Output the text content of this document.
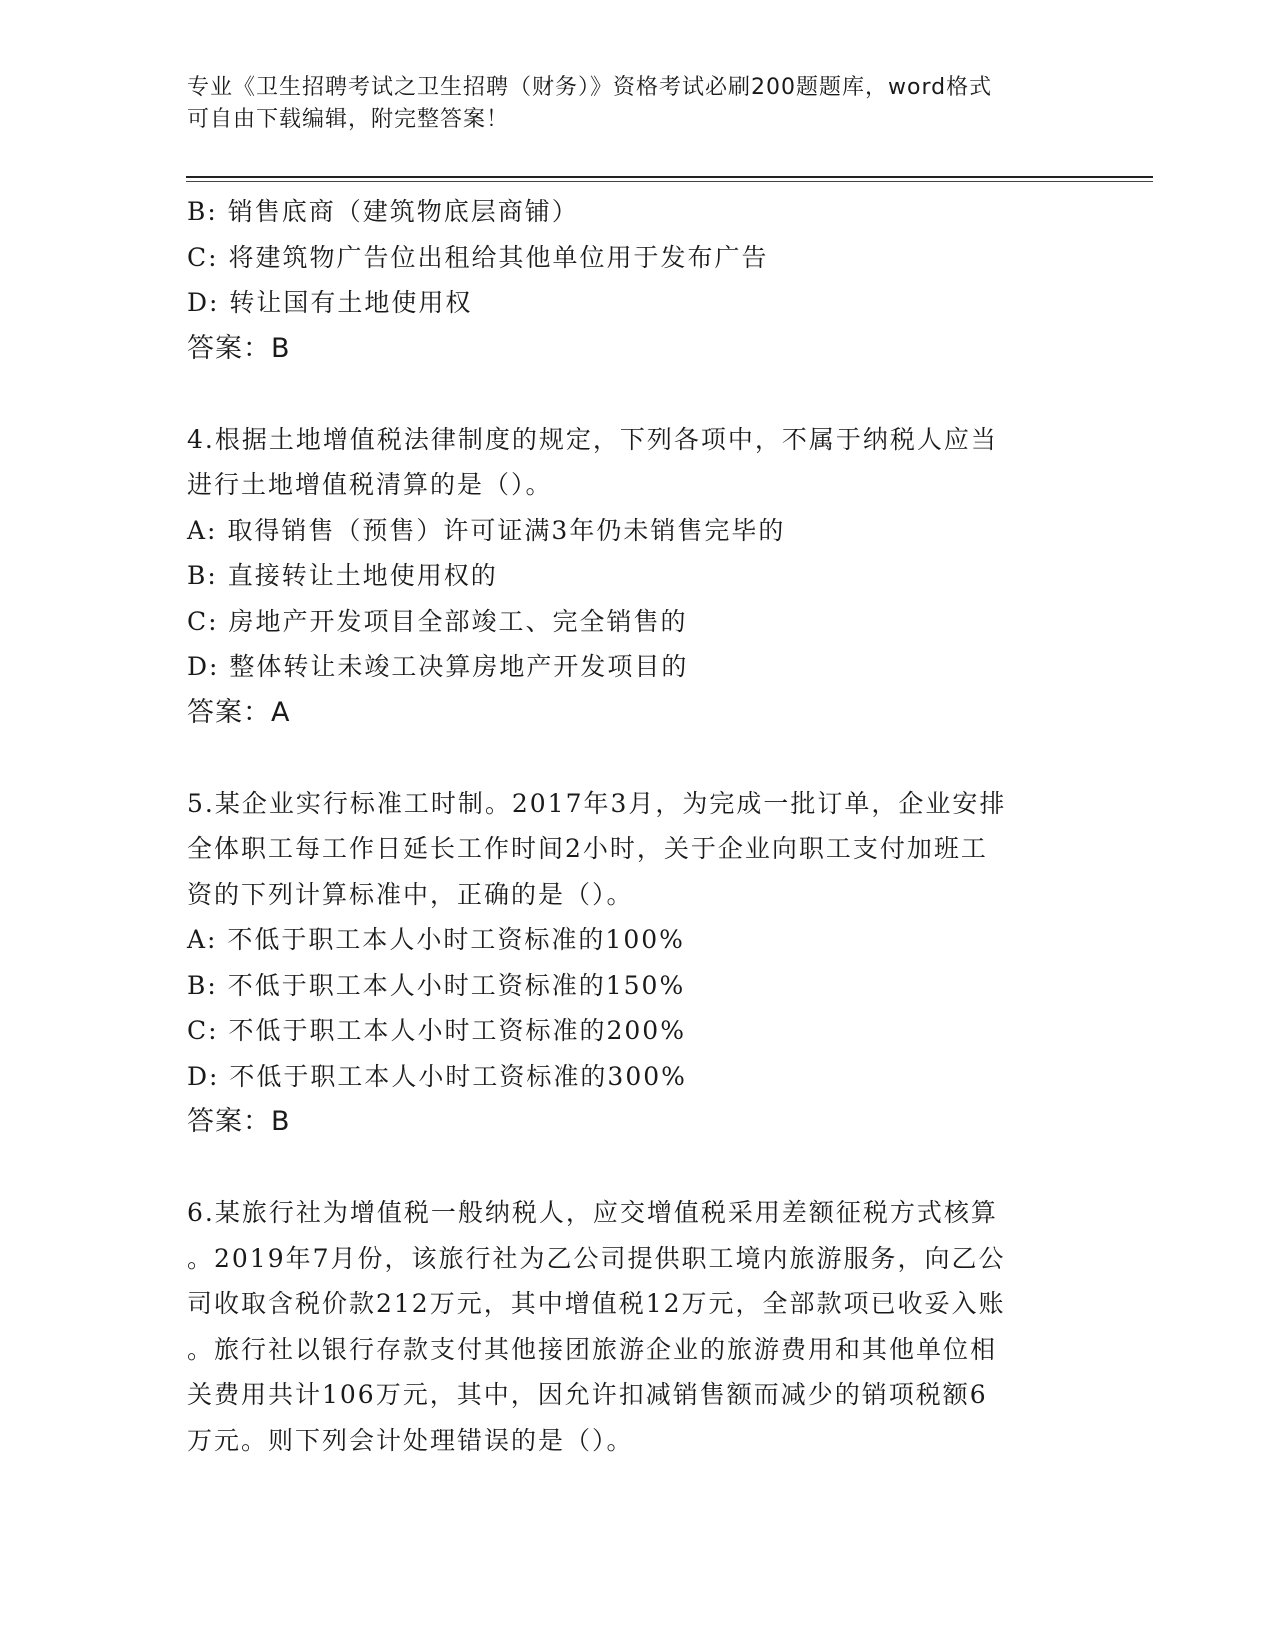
专业《卫生招聘考试之卫生招聘（财务）》资格考试必刷200题题库，word格式
可自由下载编辑，附完整答案！
B: 销售底商（建筑物底层商铺）
C: 将建筑物广告位出租给其他单位用于发布广告
D: 转让国有土地使用权
答案：B
4.根据土地增值税法律制度的规定，下列各项中，不属于纳税人应当
进行土地增值税清算的是（）。
A: 取得销售（预售）许可证满3年仍未销售完毕的
B: 直接转让土地使用权的
C: 房地产开发项目全部竣工、完全销售的
D: 整体转让未竣工决算房地产开发项目的
答案：A
5.某企业实行标准工时制。2017年3月，为完成一批订单，企业安排
全体职工每工作日延长工作时间2小时，关于企业向职工支付加班工
资的下列计算标准中，正确的是（）。
A: 不低于职工本人小时工资标准的100%
B: 不低于职工本人小时工资标准的150%
C: 不低于职工本人小时工资标准的200%
D: 不低于职工本人小时工资标准的300%
答案：B
6.某旅行社为增值税一般纳税人，应交增值税采用差额征税方式核算
。2019年7月份，该旅行社为乙公司提供职工境内旅游服务，向乙公
司收取含税价款212万元，其中增值税12万元，全部款项已收妥入账
。旅行社以银行存款支付其他接团旅游企业的旅游费用和其他单位相
关费用共计106万元，其中，因允许扣减销售额而减少的销项税额6
万元。则下列会计处理错误的是（）。
